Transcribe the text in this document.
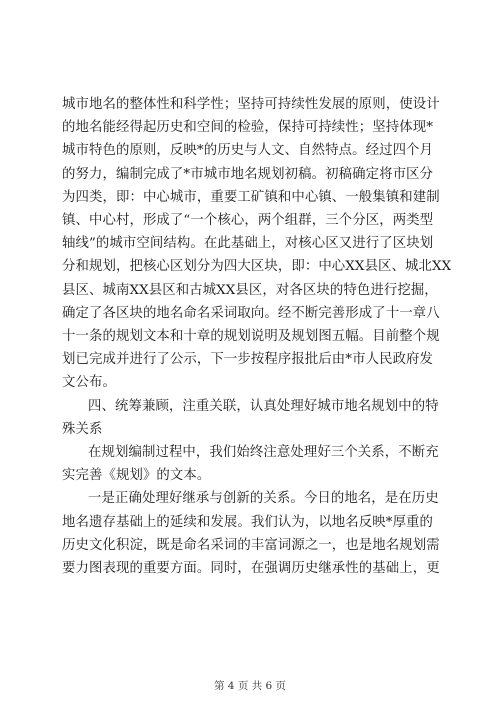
城市地名的整体性和科学性；坚持可持续性发展的原则，使设计
的地名能经得起历史和空间的检验，保持可持续性；坚持体现*
城市特色的原则，反映*的历史与人文、自然特点。经过四个月
的努力，编制完成了*市城市地名规划初稿。初稿确定将市区分
为四类，即：中心城市，重要工矿镇和中心镇、一般集镇和建制
镇、中心村，形成了“一个核心，两个组群，三个分区，两类型
轴线”的城市空间结构。在此基础上，对核心区又进行了区块划
分和规划，把核心区划分为四大区块，即：中心XX县区、城北XX
县区、城南XX县区和古城XX县区，对各区块的特色进行挖掘，
确定了各区块的地名命名采词取向。经不断完善形成了十一章八
十一条的规划文本和十章的规划说明及规划图五幅。目前整个规
划已完成并进行了公示，下一步按程序报批后由*市人民政府发
文公布。

四、统筹兼顾，注重关联，认真处理好城市地名规划中的特
殊关系

在规划编制过程中，我们始终注意处理好三个关系，不断充
实完善《规划》的文本。

一是正确处理好继承与创新的关系。今日的地名，是在历史
地名遗存基础上的延续和发展。我们认为，以地名反映*厚重的
历史文化积淀，既是命名采词的丰富词源之一，也是地名规划需
要力图表现的重要方面。同时，在强调历史继承性的基础上，更

第 4 页 共 6 页
